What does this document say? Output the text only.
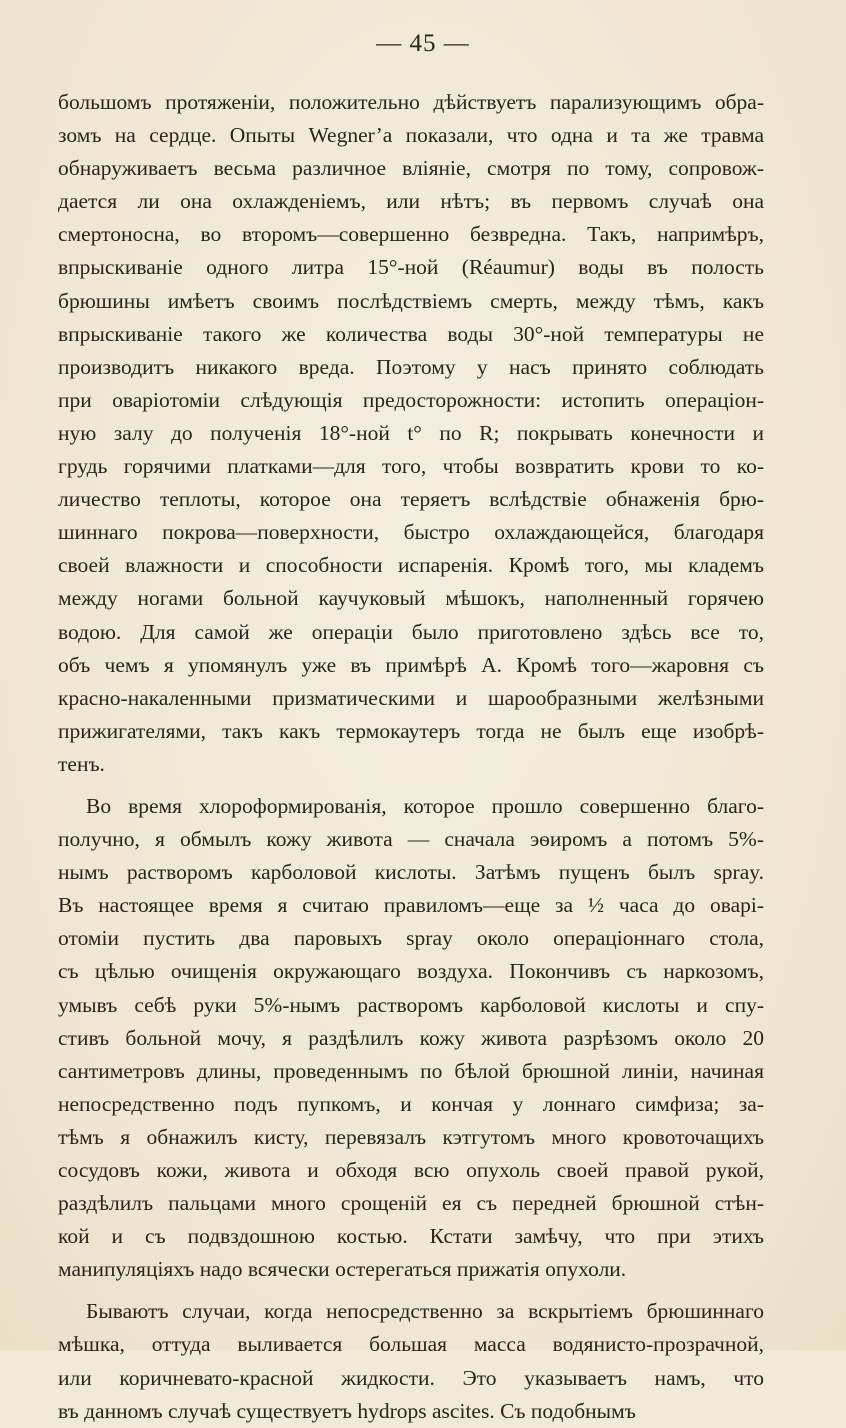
— 45 —
большомъ протяженіи, положительно дѣйствуетъ парализующимъ обра-
зомъ на сердце. Опыты Wegner’a показали, что одна и та же травма
обнаруживаетъ весьма различное вліяніе, смотря по тому, сопровож-
дается ли она охлажденіемъ, или нѣтъ; въ первомъ случаѣ она
смертоносна, во второмъ—совершенно безвредна. Такъ, напримѣръ,
впрыскиваніе одного литра 15°-ной (Réaumur) воды въ полость
брюшины имѣетъ своимъ послѣдствіемъ смерть, между тѣмъ, какъ
впрыскиваніе такого же количества воды 30°-ной температуры не
производитъ никакого вреда. Поэтому у насъ принято соблюдать
при оваріотоміи слѣдующія предосторожности: истопить операціон-
ную залу до полученія 18°-ной t° по R; покрывать конечности и
грудь горячими платками—для того, чтобы возвратить крови то ко-
личество теплоты, которое она теряетъ вслѣдствіе обнаженія брю-
шиннаго покрова—поверхности, быстро охлаждающейся, благодаря
своей влажности и способности испаренія. Кромѣ того, мы кладемъ
между ногами больной каучуковый мѣшокъ, наполненный горячею
водою. Для самой же операціи было приготовлено здѣсь все то,
объ чемъ я упомянулъ уже въ примѣрѣ А. Кромѣ того—жаровня съ
красно-накаленными призматическими и шарообразными желѣзными
прижигателями, такъ какъ термокаутеръ тогда не былъ еще изобрѣ-
тенъ.
Во время хлороформированія, которое прошло совершенно благо-
получно, я обмылъ кожу живота — сначала эѳиромъ а потомъ 5%-
нымъ растворомъ карболовой кислоты. Затѣмъ пущенъ былъ spray.
Въ настоящее время я считаю правиломъ—еще за ½ часа до оварі-
отоміи пустить два паровыхъ spray около операціоннаго стола,
съ цѣлью очищенія окружающаго воздуха. Покончивъ съ наркозомъ,
умывъ себѣ руки 5%-нымъ растворомъ карболовой кислоты и спу-
стивъ больной мочу, я раздѣлилъ кожу живота разрѣзомъ около 20
сантиметровъ длины, проведеннымъ по бѣлой брюшной линіи, начиная
непосредственно подъ пупкомъ, и кончая у лоннаго симфиза; за-
тѣмъ я обнажилъ кисту, перевязалъ кэтгутомъ много кровоточащихъ
сосудовъ кожи, живота и обходя всю опухоль своей правой рукой,
раздѣлилъ пальцами много срощеній ея съ передней брюшной стѣн-
кой и съ подвздошною костью. Кстати замѣчу, что при этихъ
манипуляціяхъ надо всячески остерегаться прижатія опухоли.
Бываютъ случаи, когда непосредственно за вскрытіемъ брюшиннаго
мѣшка, оттуда выливается большая масса водянисто-прозрачной,
или коричневато-красной жидкости. Это указываетъ намъ, что
въ данномъ случаѣ существуетъ hydrops ascites. Съ подобнымъ
